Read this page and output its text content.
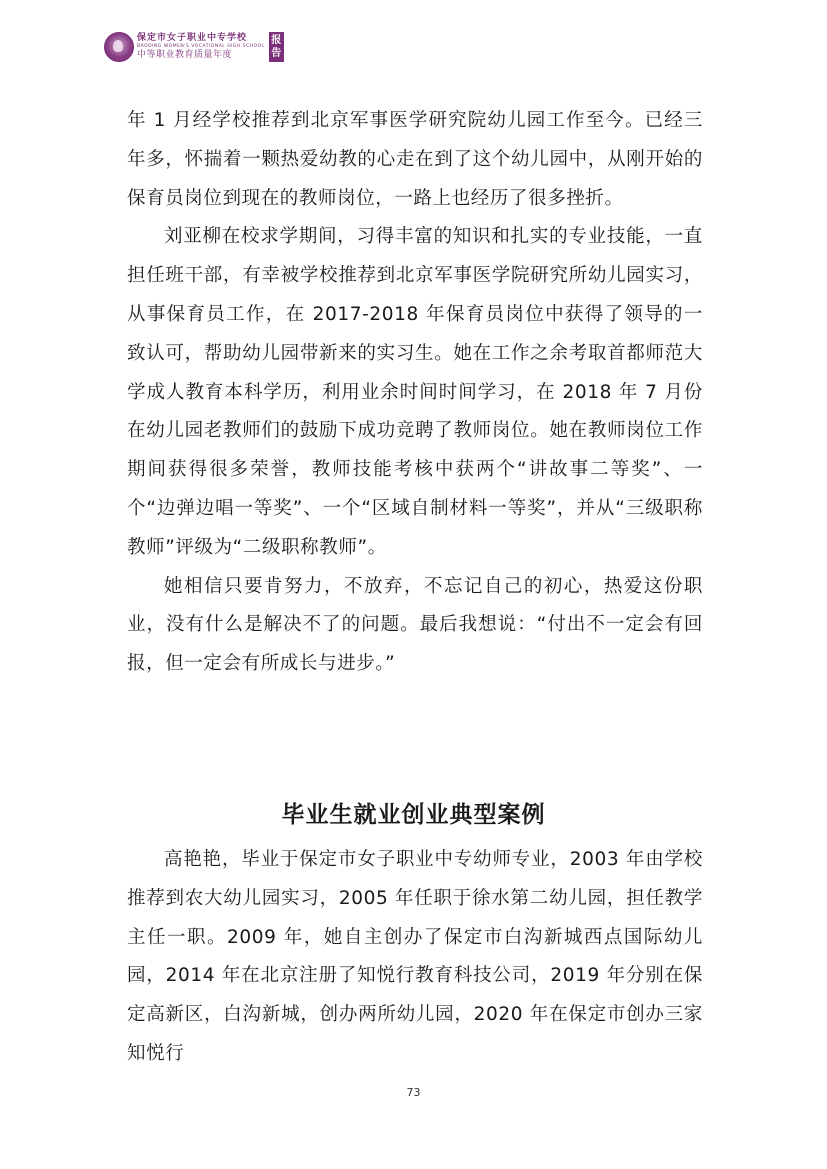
保定市女子职业中专学校
BAODING WOMEN'S VOCATIONAL HIGH SCHOOL
中等职业教育质量年度
报
告

年 1 月经学校推荐到北京军事医学研究院幼儿园工作至今。已经三年多，怀揣着一颗热爱幼教的心走在到了这个幼儿园中，从刚开始的保育员岗位到现在的教师岗位，一路上也经历了很多挫折。

刘亚柳在校求学期间，习得丰富的知识和扎实的专业技能，一直担任班干部，有幸被学校推荐到北京军事医学院研究所幼儿园实习，从事保育员工作，在 2017-2018 年保育员岗位中获得了领导的一致认可，帮助幼儿园带新来的实习生。她在工作之余考取首都师范大学成人教育本科学历，利用业余时间时间学习，在 2018 年 7 月份在幼儿园老教师们的鼓励下成功竞聘了教师岗位。她在教师岗位工作期间获得很多荣誉，教师技能考核中获两个“讲故事二等奖”、一个“边弹边唱一等奖”、一个“区域自制材料一等奖”，并从“三级职称教师”评级为“二级职称教师”。

她相信只要肯努力，不放弃，不忘记自己的初心，热爱这份职业，没有什么是解决不了的问题。最后我想说：“付出不一定会有回报，但一定会有所成长与进步。”

毕业生就业创业典型案例

高艳艳，毕业于保定市女子职业中专幼师专业，2003 年由学校推荐到农大幼儿园实习，2005 年任职于徐水第二幼儿园，担任教学主任一职。2009 年，她自主创办了保定市白沟新城西点国际幼儿园，2014 年在北京注册了知悦行教育科技公司，2019 年分别在保定高新区，白沟新城，创办两所幼儿园，2020 年在保定市创办三家知悦行

73
